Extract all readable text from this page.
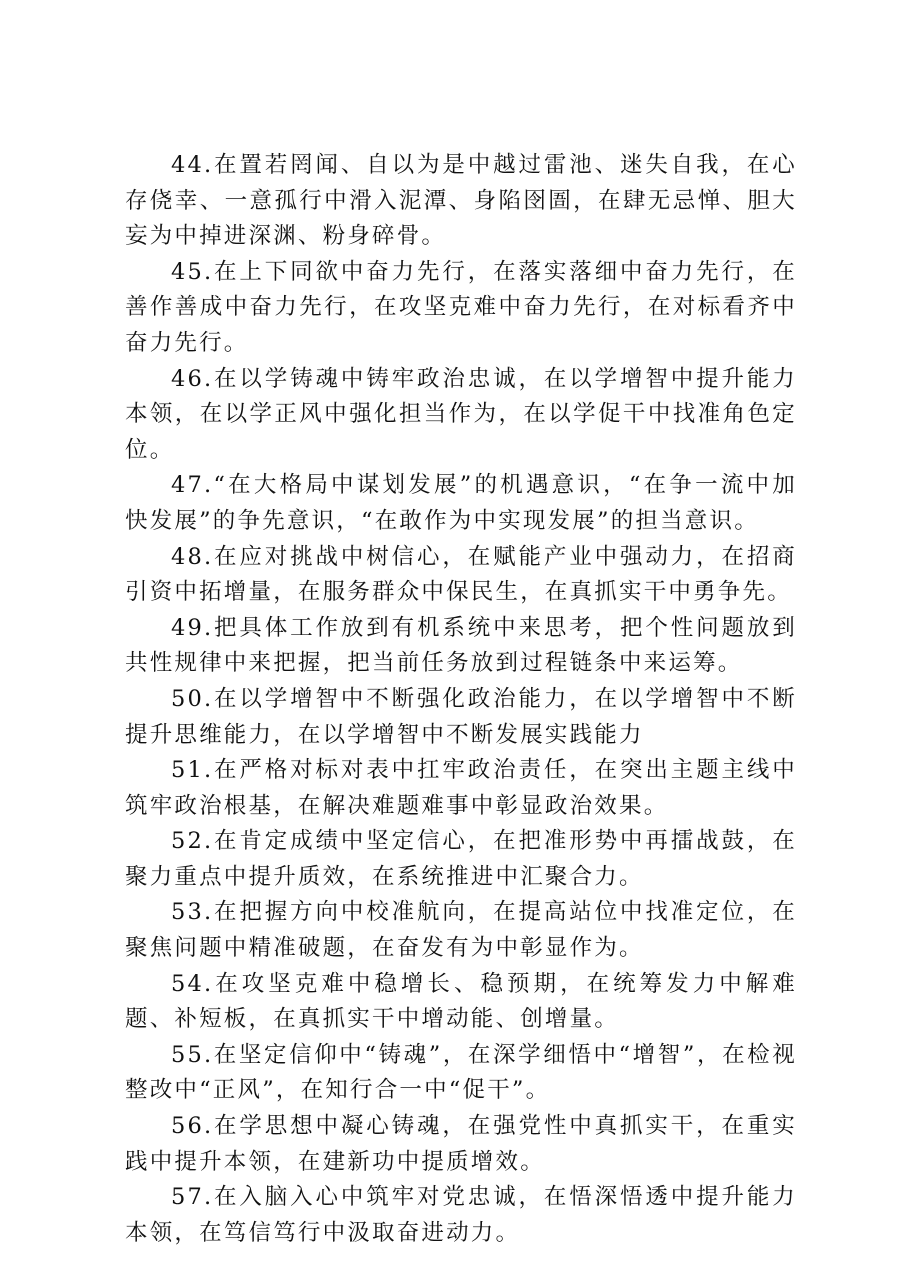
44.在置若罔闻、自以为是中越过雷池、迷失自我，在心存侥幸、一意孤行中滑入泥潭、身陷囹圄，在肆无忌惮、胆大妄为中掉进深渊、粉身碎骨。

45.在上下同欲中奋力先行，在落实落细中奋力先行，在善作善成中奋力先行，在攻坚克难中奋力先行，在对标看齐中奋力先行。

46.在以学铸魂中铸牢政治忠诚，在以学增智中提升能力本领，在以学正风中强化担当作为，在以学促干中找准角色定位。

47.“在大格局中谋划发展”的机遇意识，“在争一流中加快发展”的争先意识，“在敢作为中实现发展”的担当意识。

48.在应对挑战中树信心，在赋能产业中强动力，在招商引资中拓增量，在服务群众中保民生，在真抓实干中勇争先。

49.把具体工作放到有机系统中来思考，把个性问题放到共性规律中来把握，把当前任务放到过程链条中来运筹。

50.在以学增智中不断强化政治能力，在以学增智中不断提升思维能力，在以学增智中不断发展实践能力

51.在严格对标对表中扛牢政治责任，在突出主题主线中筑牢政治根基，在解决难题难事中彰显政治效果。

52.在肯定成绩中坚定信心，在把准形势中再擂战鼓，在聚力重点中提升质效，在系统推进中汇聚合力。

53.在把握方向中校准航向，在提高站位中找准定位，在聚焦问题中精准破题，在奋发有为中彰显作为。

54.在攻坚克难中稳增长、稳预期，在统筹发力中解难题、补短板，在真抓实干中增动能、创增量。

55.在坚定信仰中“铸魂”，在深学细悟中“增智”，在检视整改中“正风”，在知行合一中“促干”。

56.在学思想中凝心铸魂，在强党性中真抓实干，在重实践中提升本领，在建新功中提质增效。

57.在入脑入心中筑牢对党忠诚，在悟深悟透中提升能力本领，在笃信笃行中汲取奋进动力。
